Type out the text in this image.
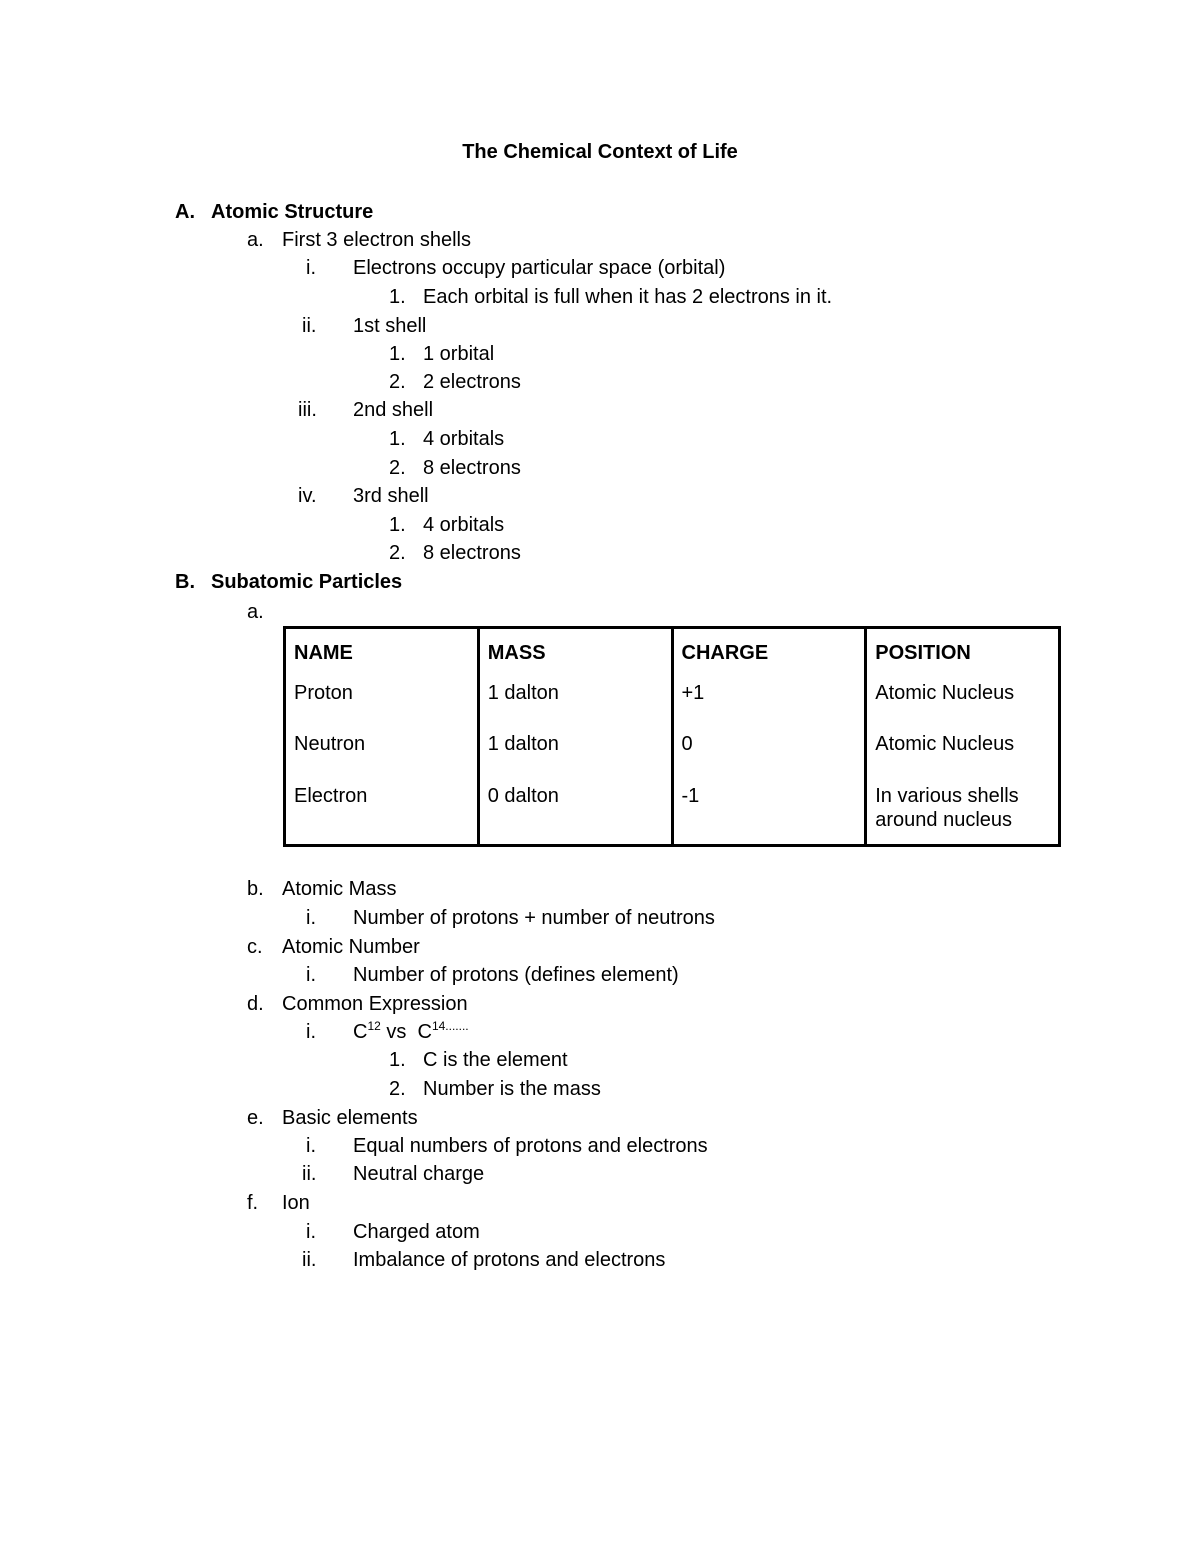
The Chemical Context of Life
A. Atomic Structure
a. First 3 electron shells
i. Electrons occupy particular space (orbital)
1. Each orbital is full when it has 2 electrons in it.
ii. 1st shell
1. 1 orbital
2. 2 electrons
iii. 2nd shell
1. 4 orbitals
2. 8 electrons
iv. 3rd shell
1. 4 orbitals
2. 8 electrons
B. Subatomic Particles
a.
NAME	MASS	CHARGE	POSITION
Proton	1 dalton	+1	Atomic Nucleus
Neutron	1 dalton	0	Atomic Nucleus
Electron	0 dalton	-1	In various shells around nucleus
b. Atomic Mass
i. Number of protons + number of neutrons
c. Atomic Number
i. Number of protons (defines element)
d. Common Expression
i. $C^{12}$ vs  $C^{14.......}$
1. C is the element
2. Number is the mass
e. Basic elements
i. Equal numbers of protons and electrons
ii. Neutral charge
f. Ion
i. Charged atom
ii. Imbalance of protons and electrons
